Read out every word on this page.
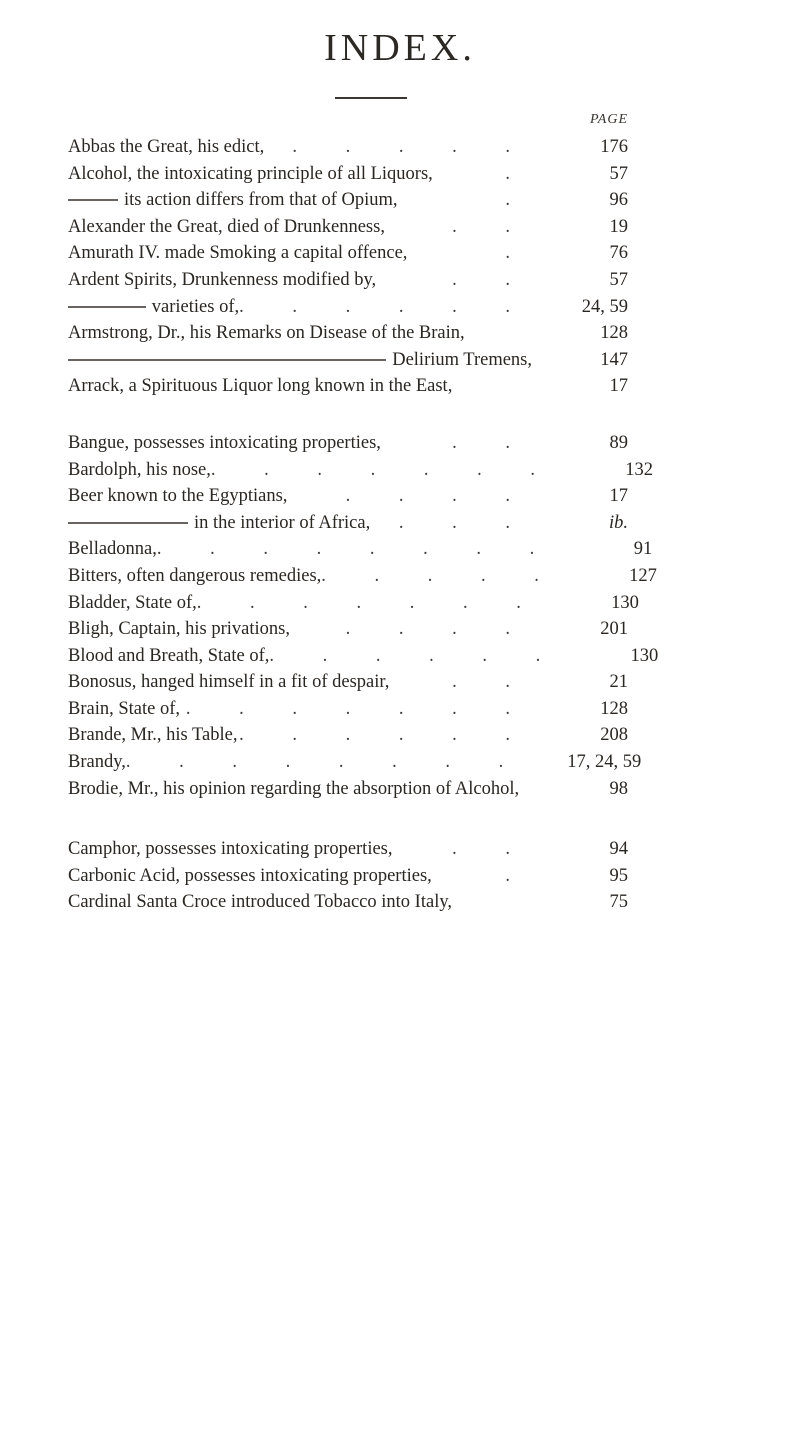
INDEX.
PAGE
Abbas the Great, his edict,	. . . . .	176
Alcohol, the intoxicating principle of all Liquors,	.	57
its action differs from that of Opium,	.	96
Alexander the Great, died of Drunkenness,	. .	19
Amurath IV. made Smoking a capital offence,	.	76
Ardent Spirits, Drunkenness modified by,	. .	57
varieties of, . . . . . .	24, 59
Armstrong, Dr., his Remarks on Disease of the Brain,	128
Delirium Tremens,	147
Arrack, a Spirituous Liquor long known in the East,	17
Bangue, possesses intoxicating properties,	. .	89
Bardolph, his nose, . . . . . . .	132
Beer known to the Egyptians,	. . . .	17
in the interior of Africa,	. . .	ib.
Belladonna, . . . . . . . .	91
Bitters, often dangerous remedies, . . . . .	127
Bladder, State of, . . . . . . .	130
Bligh, Captain, his privations,	. . . .	201
Blood and Breath, State of, . . . . . .	130
Bonosus, hanged himself in a fit of despair,	. .	21
Brain, State of, . . . . . . .	128
Brande, Mr., his Table, . . . . . .	208
Brandy, . . . . . . . .	17, 24, 59
Brodie, Mr., his opinion regarding the absorption of Alcohol,	98
Camphor, possesses intoxicating properties,	. .	94
Carbonic Acid, possesses intoxicating properties,	.	95
Cardinal Santa Croce introduced Tobacco into Italy,	75
